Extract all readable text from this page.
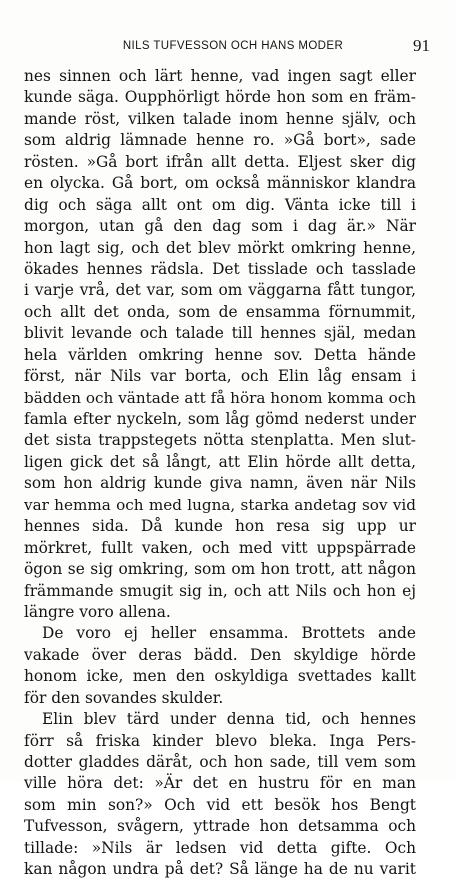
NILS TUFVESSON OCH HANS MODER	91
nes sinnen och lärt henne, vad ingen sagt eller
kunde säga. Oupphörligt hörde hon som en främ-
mande röst, vilken talade inom henne själv, och
som aldrig lämnade henne ro. »Gå bort», sade
rösten. »Gå bort ifrån allt detta. Eljest sker dig
en olycka. Gå bort, om också människor klandra
dig och säga allt ont om dig. Vänta icke till i
morgon, utan gå den dag som i dag är.» När
hon lagt sig, och det blev mörkt omkring henne,
ökades hennes rädsla. Det tisslade och tasslade
i varje vrå, det var, som om väggarna fått tungor,
och allt det onda, som de ensamma förnummit,
blivit levande och talade till hennes själ, medan
hela världen omkring henne sov. Detta hände
först, när Nils var borta, och Elin låg ensam i
bädden och väntade att få höra honom komma och
famla efter nyckeln, som låg gömd nederst under
det sista trappstegets nötta stenplatta. Men slut-
ligen gick det så långt, att Elin hörde allt detta,
som hon aldrig kunde giva namn, även när Nils
var hemma och med lugna, starka andetag sov vid
hennes sida. Då kunde hon resa sig upp ur
mörkret, fullt vaken, och med vitt uppspärrade
ögon se sig omkring, som om hon trott, att någon
främmande smugit sig in, och att Nils och hon ej
längre voro allena.
De voro ej heller ensamma. Brottets ande
vakade över deras bädd. Den skyldige hörde
honom icke, men den oskyldiga svettades kallt
för den sovandes skulder.
Elin blev tärd under denna tid, och hennes
förr så friska kinder blevo bleka. Inga Pers-
dotter gladdes däråt, och hon sade, till vem som
ville höra det: »Är det en hustru för en man
som min son?» Och vid ett besök hos Bengt
Tufvesson, svågern, yttrade hon detsamma och
tillade: »Nils är ledsen vid detta gifte. Och
kan någon undra på det? Så länge ha de nu varit
